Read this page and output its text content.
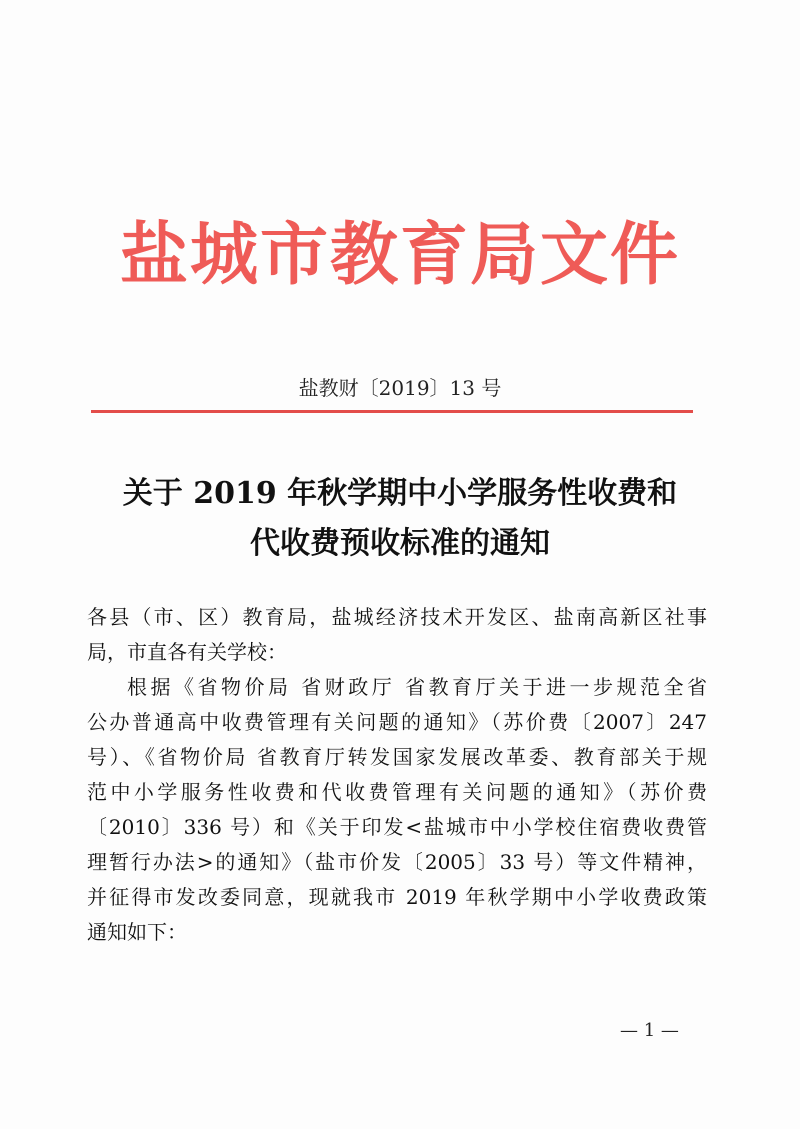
盐城市教育局文件
盐教财〔2019〕13 号
关于 2019 年秋学期中小学服务性收费和
代收费预收标准的通知

各县（市、区）教育局，盐城经济技术开发区、盐南高新区社事

局，市直各有关学校：

根据《省物价局 省财政厅 省教育厅关于进一步规范全省

公办普通高中收费管理有关问题的通知》（苏价费〔2007〕247

号）、《省物价局 省教育厅转发国家发展改革委、教育部关于规

范中小学服务性收费和代收费管理有关问题的通知》（苏价费

〔2010〕336 号）和《关于印发<盐城市中小学校住宿费收费管

理暂行办法>的通知》（盐市价发〔2005〕33 号）等文件精神，

并征得市发改委同意，现就我市 2019 年秋学期中小学收费政策

通知如下：

— 1 —
